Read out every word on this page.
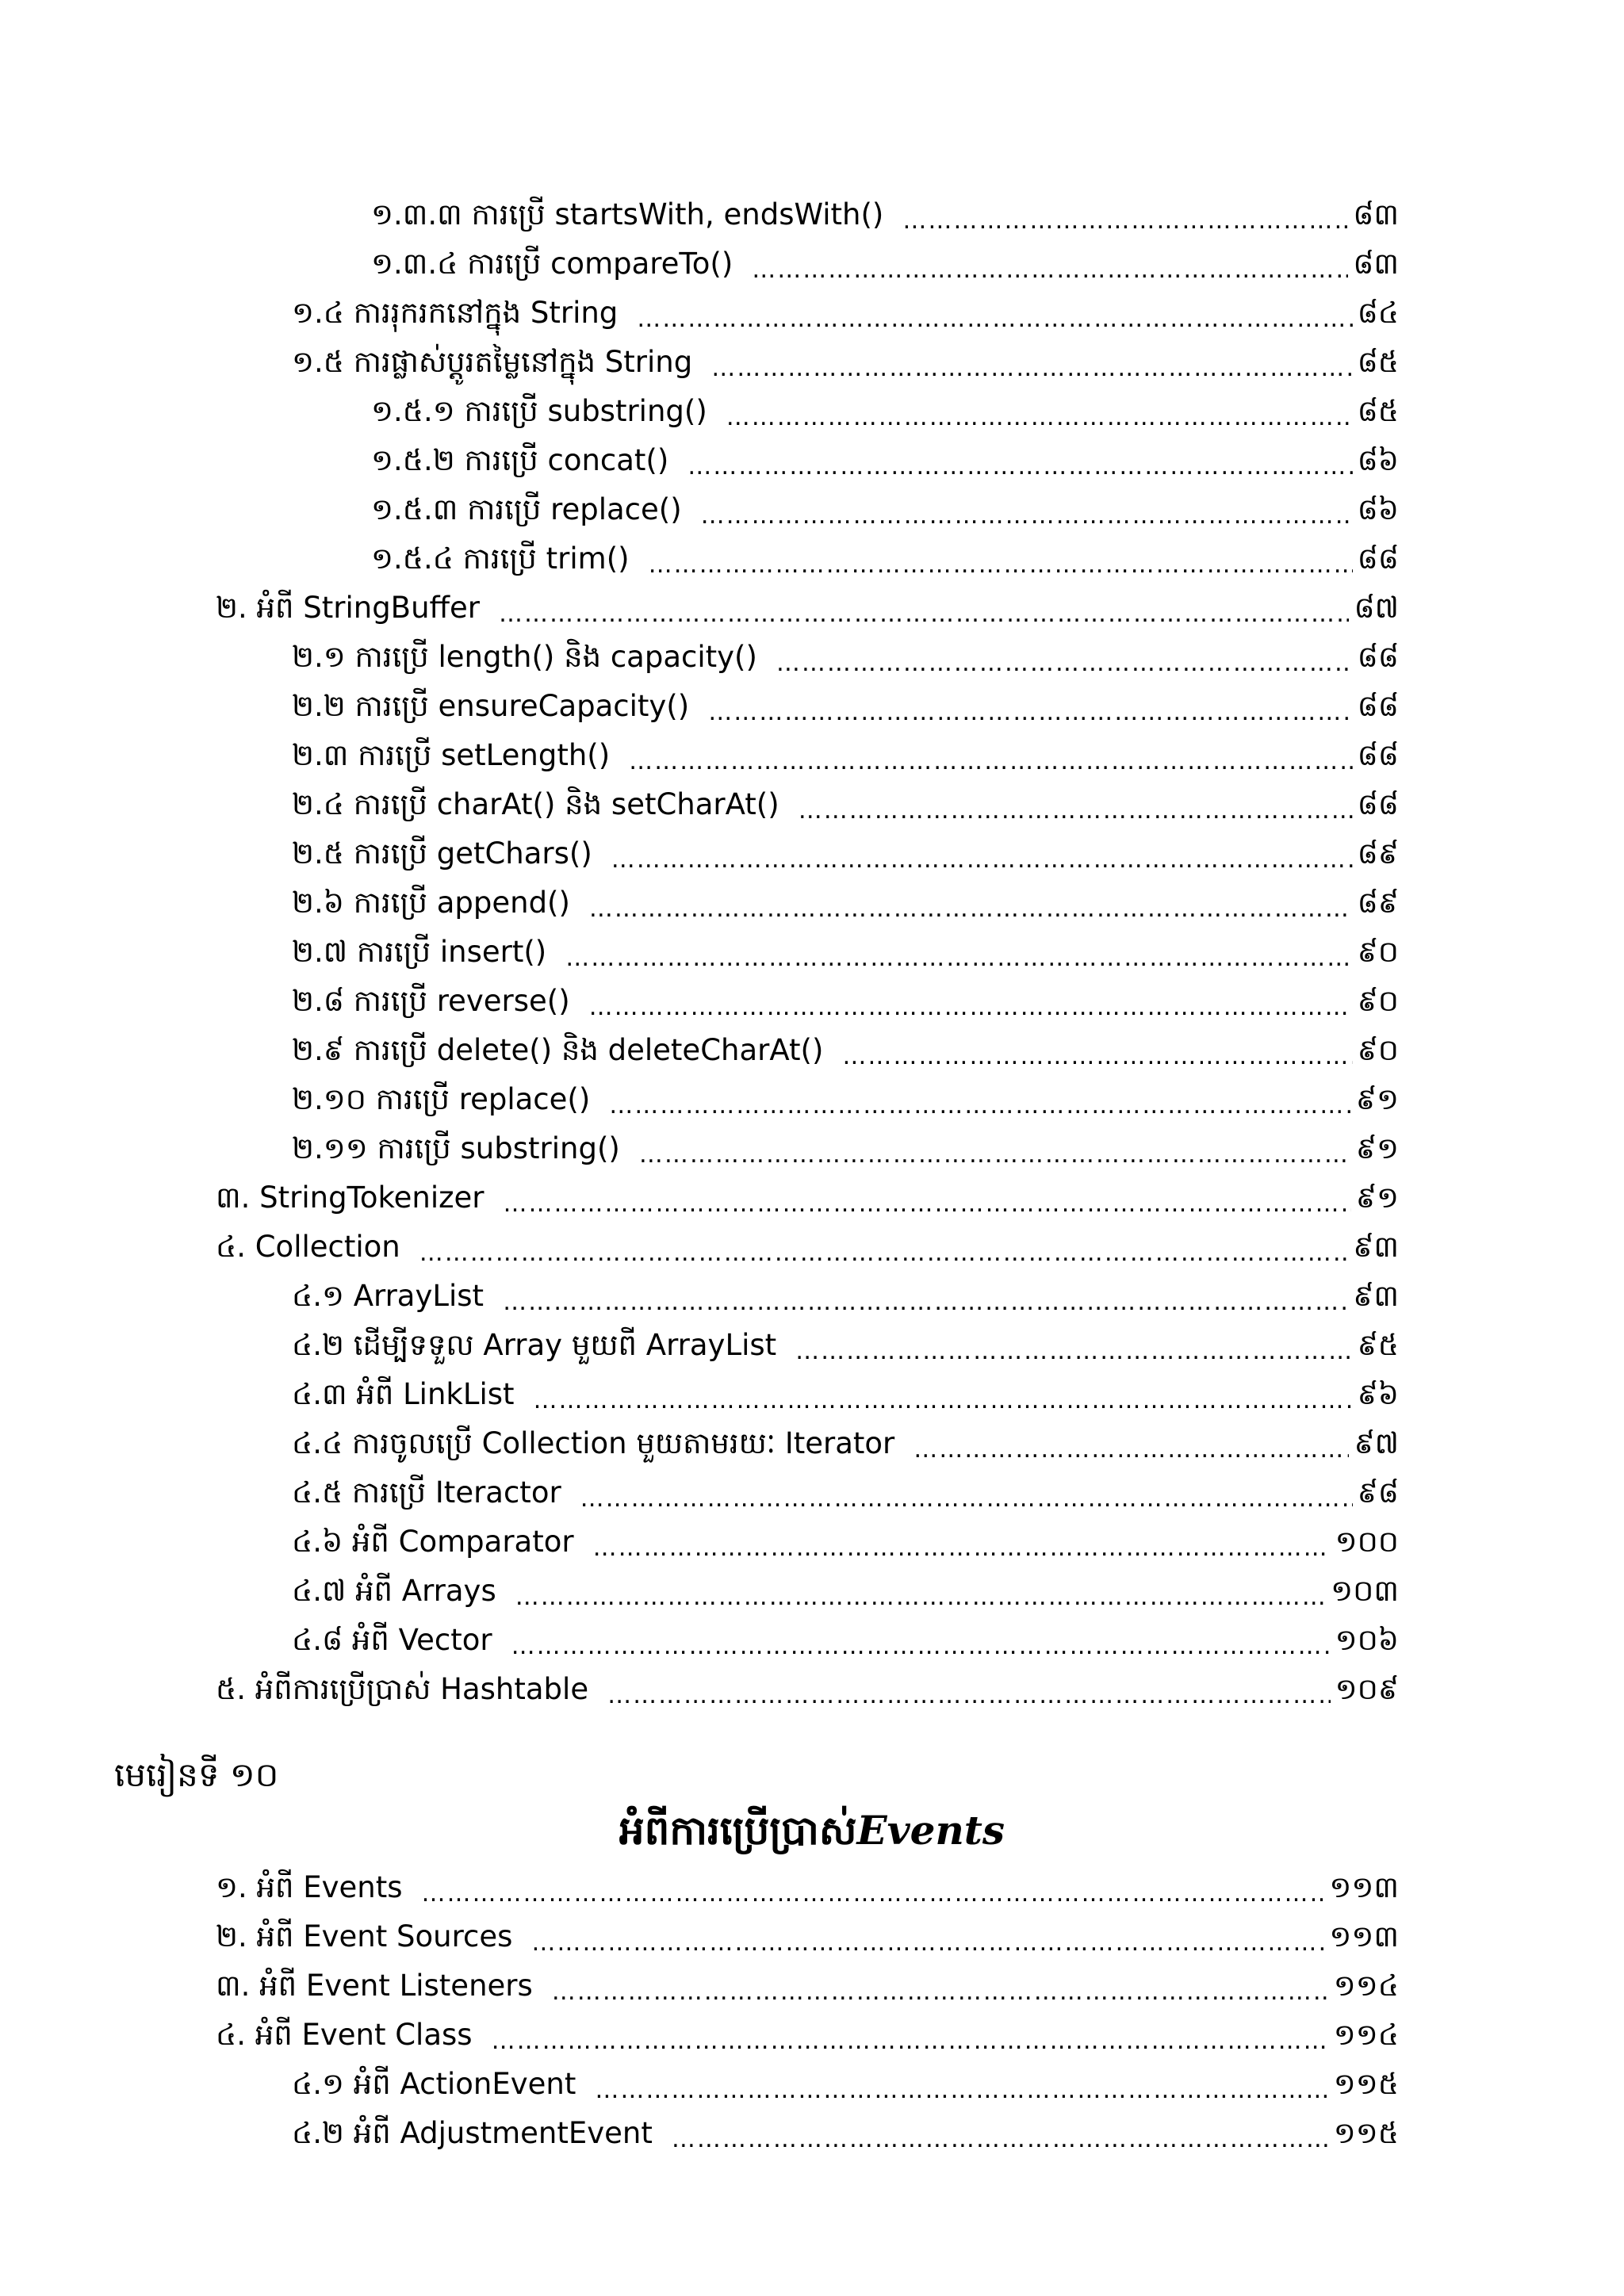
១.៣.៣ ការប្រើ startsWith, endsWith() ……………………………………………………………………………………………………………………………………………………………………………	៨៣
១.៣.៤ ការប្រើ compareTo() ……………………………………………………………………………………………………………………………………………………………………………	៨៣
១.៤ ការរុករកនៅក្នុង String ……………………………………………………………………………………………………………………………………………………………………………	៨៤
១.៥ ការផ្លាស់ប្តូរតម្លៃនៅក្នុង String ……………………………………………………………………………………………………………………………………………………………………………	៨៥
១.៥.១ ការប្រើ substring() ……………………………………………………………………………………………………………………………………………………………………………	៨៥
១.៥.២ ការប្រើ concat() ……………………………………………………………………………………………………………………………………………………………………………	៨៦
១.៥.៣ ការប្រើ replace() ……………………………………………………………………………………………………………………………………………………………………………	៨៦
១.៥.៤ ការប្រើ trim() ……………………………………………………………………………………………………………………………………………………………………………	៨៨
២. អំពី StringBuffer ……………………………………………………………………………………………………………………………………………………………………………	៨៧
២.១ ការប្រើ length() និង capacity() ……………………………………………………………………………………………………………………………………………………………………………	៨៨
២.២ ការប្រើ ensureCapacity() ……………………………………………………………………………………………………………………………………………………………………………	៨៨
២.៣ ការប្រើ setLength() ……………………………………………………………………………………………………………………………………………………………………………	៨៨
២.៤ ការប្រើ charAt() និង setCharAt() ……………………………………………………………………………………………………………………………………………………………………………	៨៨
២.៥ ការប្រើ getChars() ……………………………………………………………………………………………………………………………………………………………………………	៨៩
២.៦ ការប្រើ append() ……………………………………………………………………………………………………………………………………………………………………………	៨៩
២.៧ ការប្រើ insert() ……………………………………………………………………………………………………………………………………………………………………………	៩០
២.៨ ការប្រើ reverse() ……………………………………………………………………………………………………………………………………………………………………………	៩០
២.៩ ការប្រើ delete() និង deleteCharAt() ……………………………………………………………………………………………………………………………………………………………………………	៩០
២.១០ ការប្រើ replace() ……………………………………………………………………………………………………………………………………………………………………………	៩១
២.១១ ការប្រើ substring() ……………………………………………………………………………………………………………………………………………………………………………	៩១
៣. StringTokenizer ……………………………………………………………………………………………………………………………………………………………………………	៩១
៤. Collection ……………………………………………………………………………………………………………………………………………………………………………	៩៣
៤.១ ArrayList ……………………………………………………………………………………………………………………………………………………………………………	៩៣
៤.២ ដើម្បីទទួល Array មួយពី ArrayList ……………………………………………………………………………………………………………………………………………………………………………	៩៥
៤.៣ អំពី LinkList ……………………………………………………………………………………………………………………………………………………………………………	៩៦
៤.៤ ការចូលប្រើ Collection មួយតាមរយៈ Iterator ……………………………………………………………………………………………………………………………………………………………………………	៩៧
៤.៥ ការប្រើ Iteractor ……………………………………………………………………………………………………………………………………………………………………………	៩៨
៤.៦ អំពី Comparator ……………………………………………………………………………………………………………………………………………………………………………	១០០
៤.៧ អំពី Arrays ……………………………………………………………………………………………………………………………………………………………………………	១០៣
៤.៨ អំពី Vector ……………………………………………………………………………………………………………………………………………………………………………	១០៦
៥. អំពីការប្រើប្រាស់ Hashtable ……………………………………………………………………………………………………………………………………………………………………………	១០៩
មេរៀនទី ១០
អំពីការប្រើប្រាស់Events
១. អំពី Events ……………………………………………………………………………………………………………………………………………………………………………	១១៣
២. អំពី Event Sources ……………………………………………………………………………………………………………………………………………………………………………	១១៣
៣. អំពី Event Listeners ……………………………………………………………………………………………………………………………………………………………………………	១១៤
៤. អំពី Event Class ……………………………………………………………………………………………………………………………………………………………………………	១១៤
៤.១ អំពី ActionEvent ……………………………………………………………………………………………………………………………………………………………………………	១១៥
៤.២ អំពី AdjustmentEvent ……………………………………………………………………………………………………………………………………………………………………………	១១៥
